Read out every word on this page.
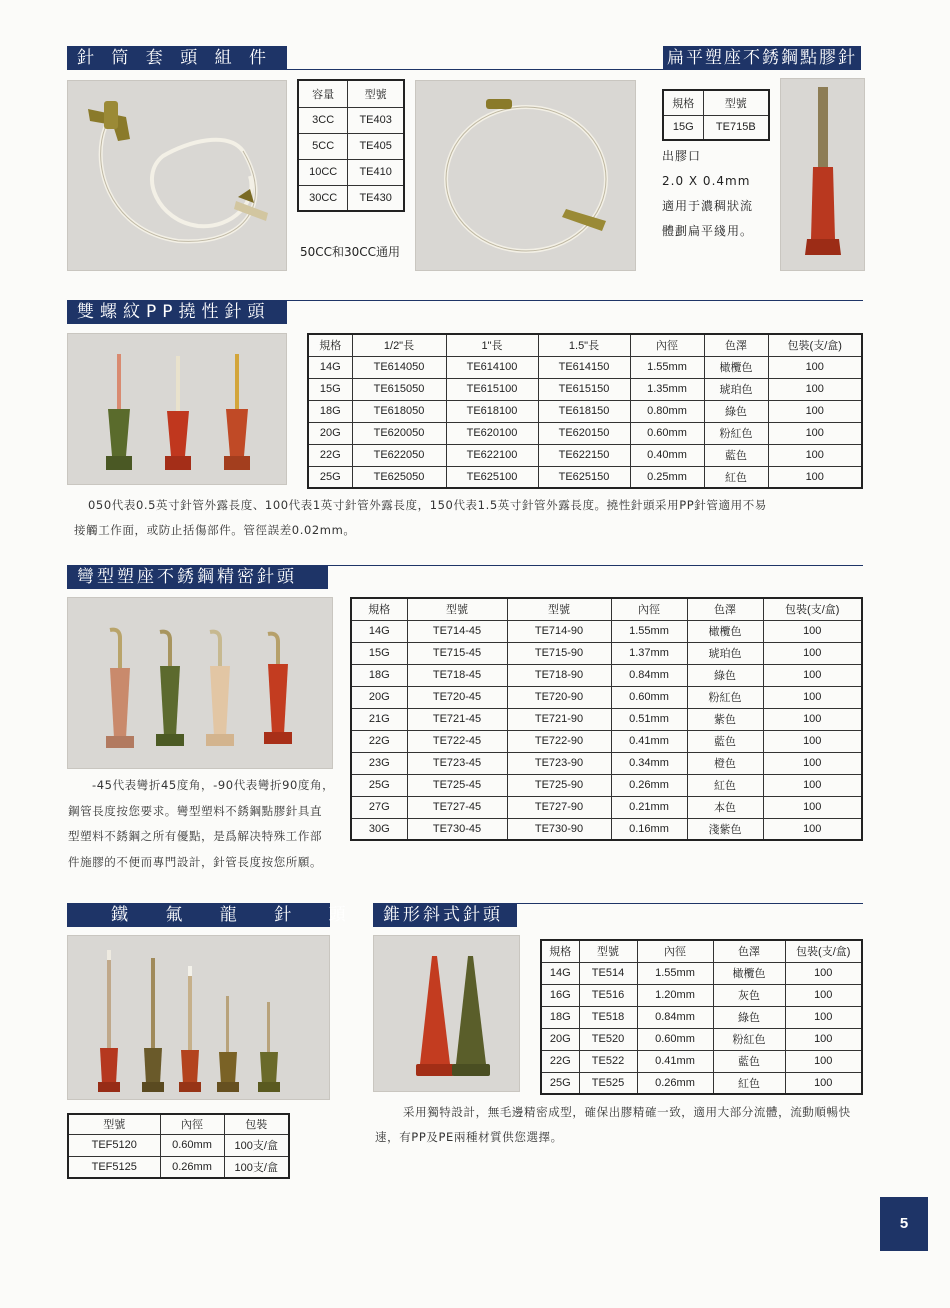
針 筒 套 頭 組 件
容量	型號
3CC	TE403
5CC	TE405
10CC	TE410
30CC	TE430
50CC和30CC通用
扁平塑座不銹鋼點膠針
規格	型號
15G	TE715B
出膠口
2.0 X 0.4mm
適用于濃稠狀流
體劃扁平綫用。
雙螺紋PP撓性針頭
規格	1/2"長	1"長	1.5"長	內徑	色澤	包裝(支/盒)
14G	TE614050	TE614100	TE614150	1.55mm	橄欖色	100
15G	TE615050	TE615100	TE615150	1.35mm	琥珀色	100
18G	TE618050	TE618100	TE618150	0.80mm	綠色	100
20G	TE620050	TE620100	TE620150	0.60mm	粉紅色	100
22G	TE622050	TE622100	TE622150	0.40mm	藍色	100
25G	TE625050	TE625100	TE625150	0.25mm	紅色	100
050代表0.5英寸針管外露長度、100代表1英寸針管外露長度，150代表1.5英寸針管外露長度。撓性針頭采用PP針管適用不易
接觸工作面，或防止括傷部件。管徑誤差0.02mm。
彎型塑座不銹鋼精密針頭
規格	型號	型號	內徑	色澤	包裝(支/盒)
14G	TE714-45	TE714-90	1.55mm	橄欖色	100
15G	TE715-45	TE715-90	1.37mm	琥珀色	100
18G	TE718-45	TE718-90	0.84mm	綠色	100
20G	TE720-45	TE720-90	0.60mm	粉紅色	100
21G	TE721-45	TE721-90	0.51mm	紫色	100
22G	TE722-45	TE722-90	0.41mm	藍色	100
23G	TE723-45	TE723-90	0.34mm	橙色	100
25G	TE725-45	TE725-90	0.26mm	紅色	100
27G	TE727-45	TE727-90	0.21mm	本色	100
30G	TE730-45	TE730-90	0.16mm	淺紫色	100
-45代表彎折45度角，-90代表彎折90度角，
鋼管長度按您要求。彎型塑料不銹鋼點膠針具直
型塑料不銹鋼之所有優點，是爲解决特殊工作部
件施膠的不便而專門設計，針管長度按您所願。
鐵 氟 龍 針 頭
型號	內徑	包裝
TEF5120	0.60mm	100支/盒
TEF5125	0.26mm	100支/盒
錐形斜式針頭
規格	型號	內徑	色澤	包裝(支/盒)
14G	TE514	1.55mm	橄欖色	100
16G	TE516	1.20mm	灰色	100
18G	TE518	0.84mm	綠色	100
20G	TE520	0.60mm	粉紅色	100
22G	TE522	0.41mm	藍色	100
25G	TE525	0.26mm	紅色	100
采用獨特設計，無毛邊精密成型，確保出膠精確一致，適用大部分流體，流動順暢快
速，有PP及PE兩種材質供您選擇。
5
